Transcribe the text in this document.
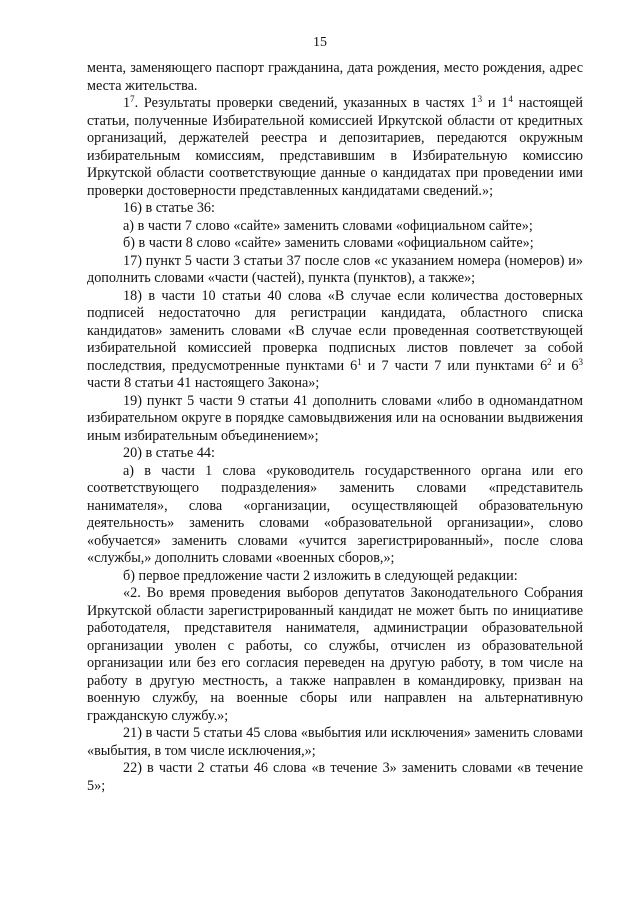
15

мента, заменяющего паспорт гражданина, дата рождения, место рождения, адрес места жительства.

$1^7$. Результаты проверки сведений, указанных в частях $1^3$ и $1^4$ настоящей статьи, полученные Избирательной комиссией Иркутской области от кредитных организаций, держателей реестра и депозитариев, передаются окружным избирательным комиссиям, представившим в Избирательную комиссию Иркутской области соответствующие данные о кандидатах при проведении ими проверки достоверности представленных кандидатами сведений.»;

16) в статье 36:

а) в части 7 слово «сайте» заменить словами «официальном сайте»;

б) в части 8 слово «сайте» заменить словами «официальном сайте»;

17) пункт 5 части 3 статьи 37 после слов «с указанием номера (номеров) и» дополнить словами «части (частей), пункта (пунктов), а также»;

18) в части 10 статьи 40 слова «В случае если количества достоверных подписей недостаточно для регистрации кандидата, областного списка кандидатов» заменить словами «В случае если проведенная соответствующей избирательной комиссией проверка подписных листов повлечет за собой последствия, предусмотренные пунктами $6^1$ и 7 части 7 или пунктами $6^2$ и $6^3$ части 8 статьи 41 настоящего Закона»;

19) пункт 5 части 9 статьи 41 дополнить словами «либо в одномандатном избирательном округе в порядке самовыдвижения или на основании выдвижения иным избирательным объединением»;

20) в статье 44:

а) в части 1 слова «руководитель государственного органа или его соответствующего подразделения» заменить словами «представитель нанимателя», слова «организации, осуществляющей образовательную деятельность» заменить словами «образовательной организации», слово «обучается» заменить словами «учится зарегистрированный», после слова «службы,» дополнить словами «военных сборов,»;

б) первое предложение части 2 изложить в следующей редакции:

«2. Во время проведения выборов депутатов Законодательного Собрания Иркутской области зарегистрированный кандидат не может быть по инициативе работодателя, представителя нанимателя, администрации образовательной организации уволен с работы, со службы, отчислен из образовательной организации или без его согласия переведен на другую работу, в том числе на работу в другую местность, а также направлен в командировку, призван на военную службу, на военные сборы или направлен на альтернативную гражданскую службу.»;

21) в части 5 статьи 45 слова «выбытия или исключения» заменить словами «выбытия, в том числе исключения,»;

22) в части 2 статьи 46 слова «в течение 3» заменить словами «в течение 5»;
